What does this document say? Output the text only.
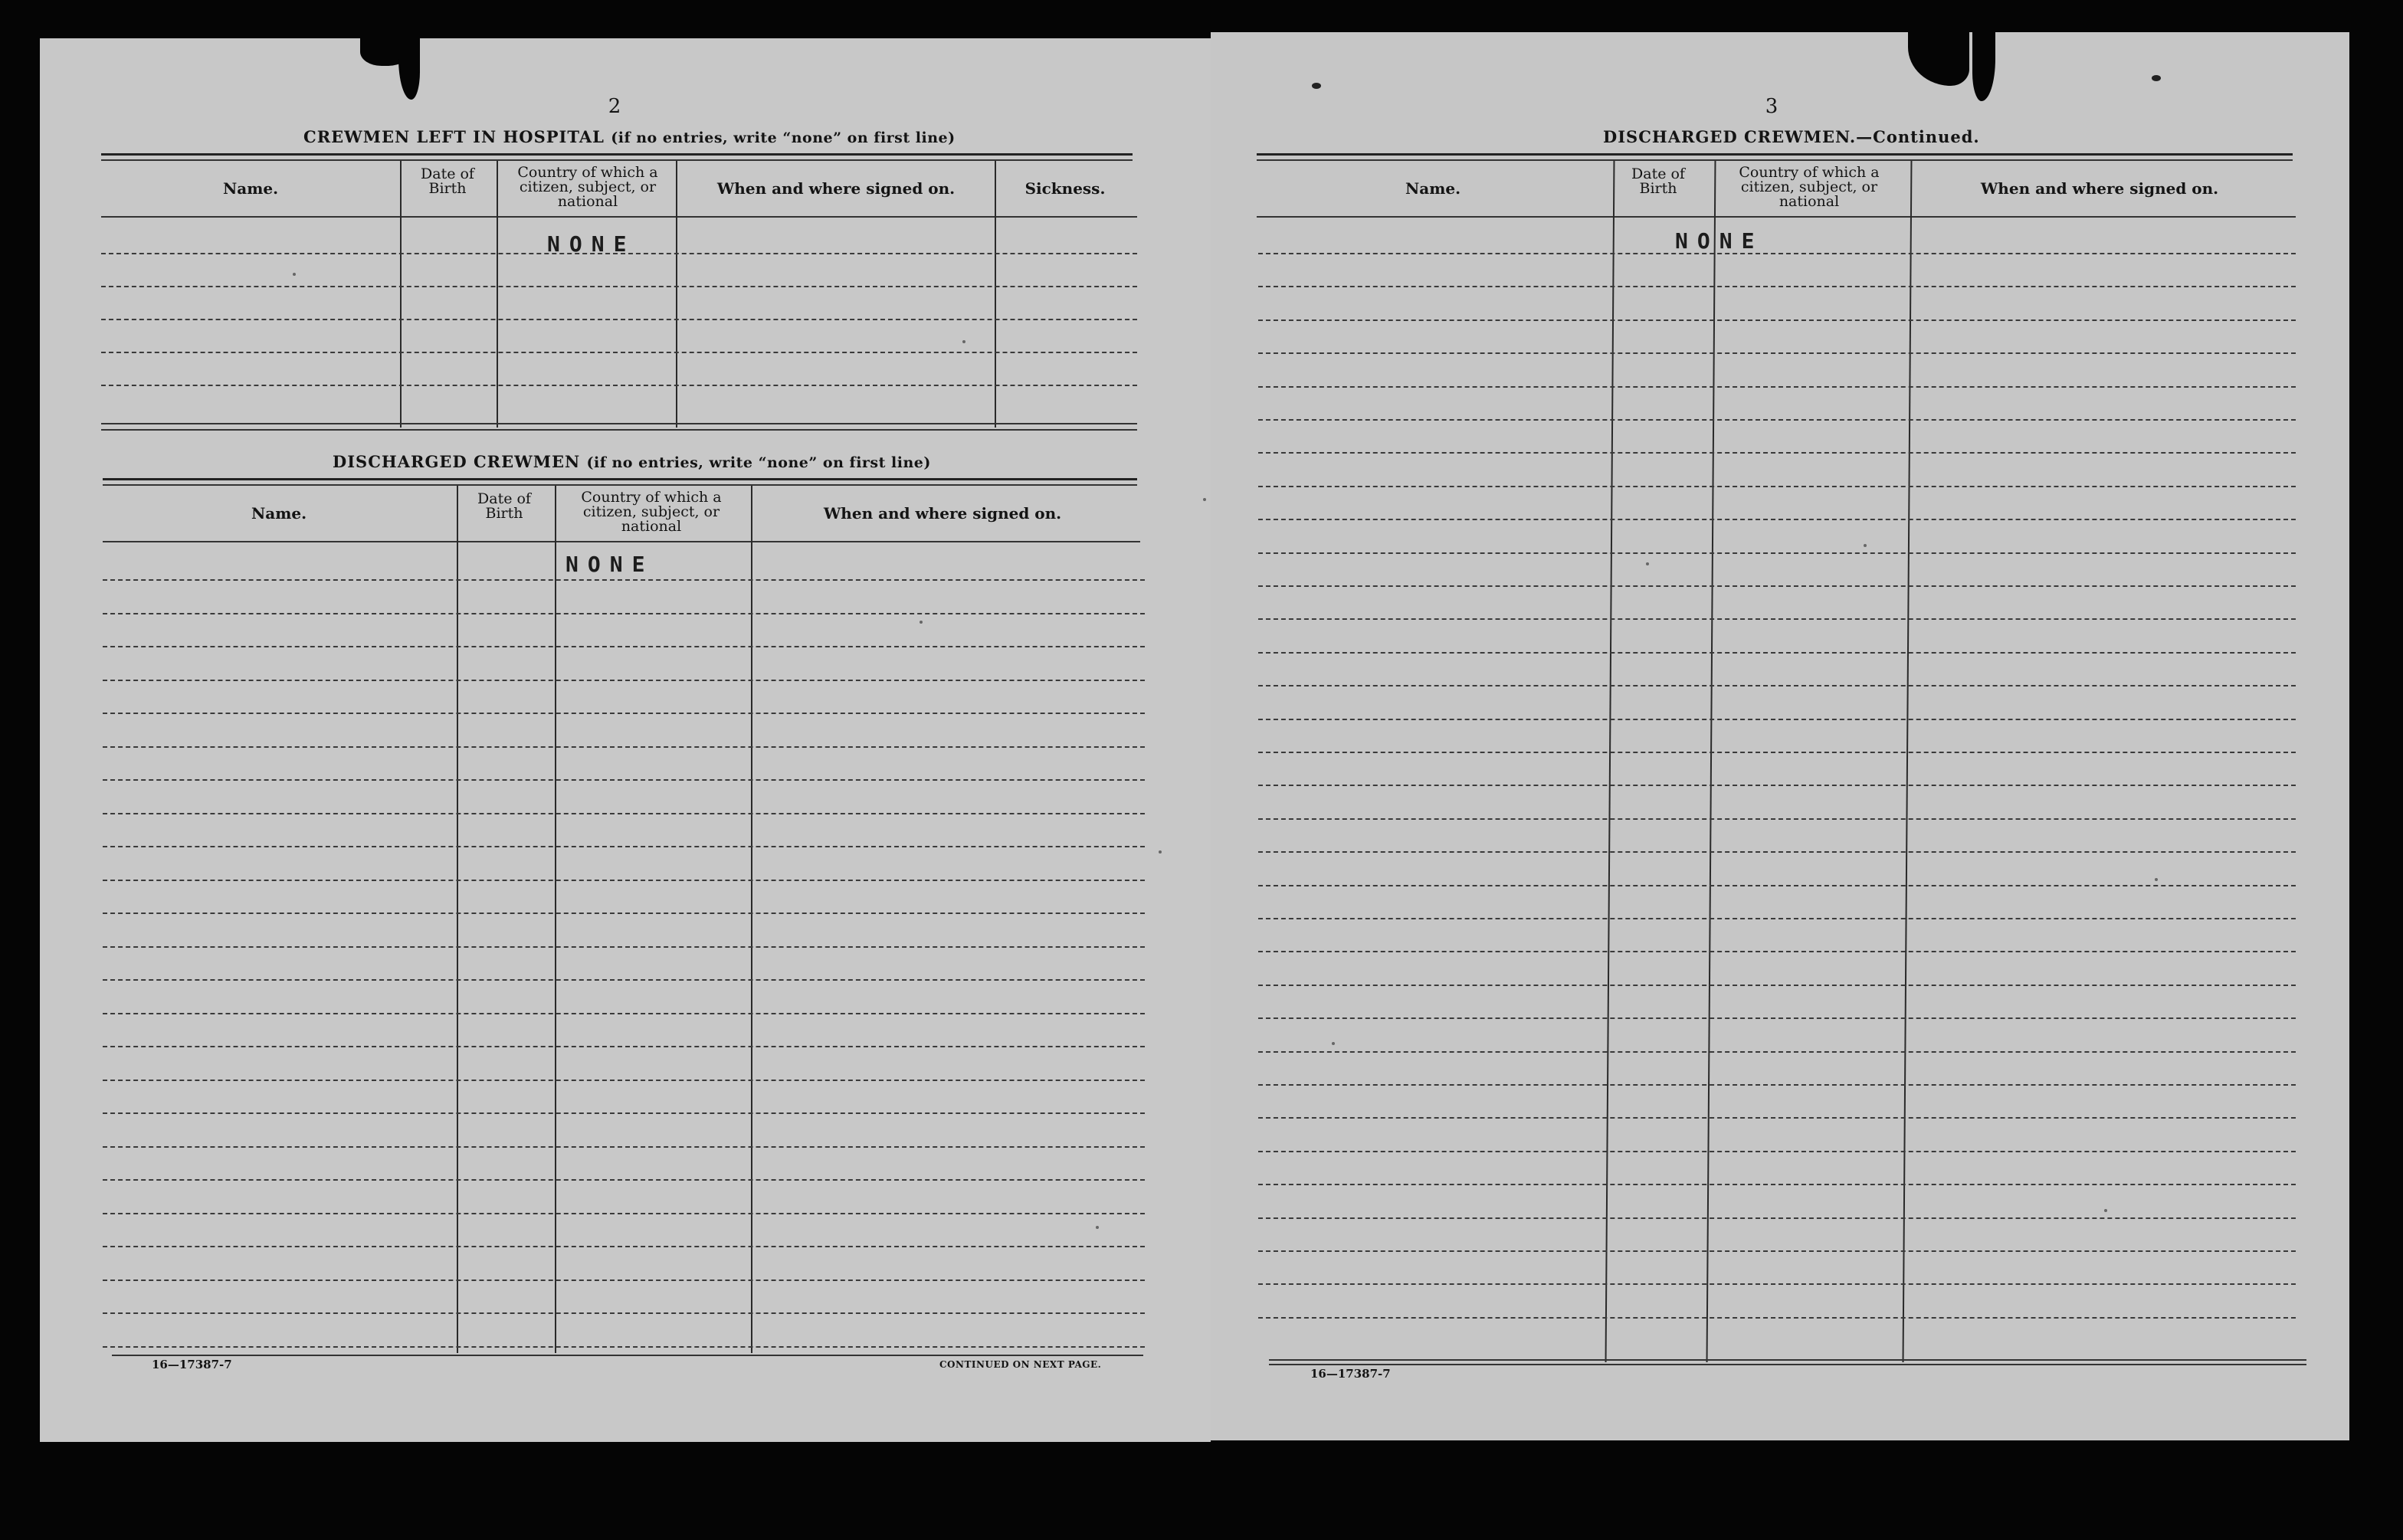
2
CREWMEN LEFT IN HOSPITAL (if no entries, write “none” on first line)
Name.
Date of Birth
Country of which a citizen, subject, or national
When and where signed on.	Sickness.
NONE
DISCHARGED CREWMEN (if no entries, write “none” on first line)
Name.
Date of Birth
Country of which a citizen, subject, or national
When and where signed on.
NONE
16—17387-7	CONTINUED ON NEXT PAGE.
3
DISCHARGED CREWMEN.—Continued.
Name.
Date of Birth
Country of which a citizen, subject, or national
When and where signed on.
NONE
16—17387-7
